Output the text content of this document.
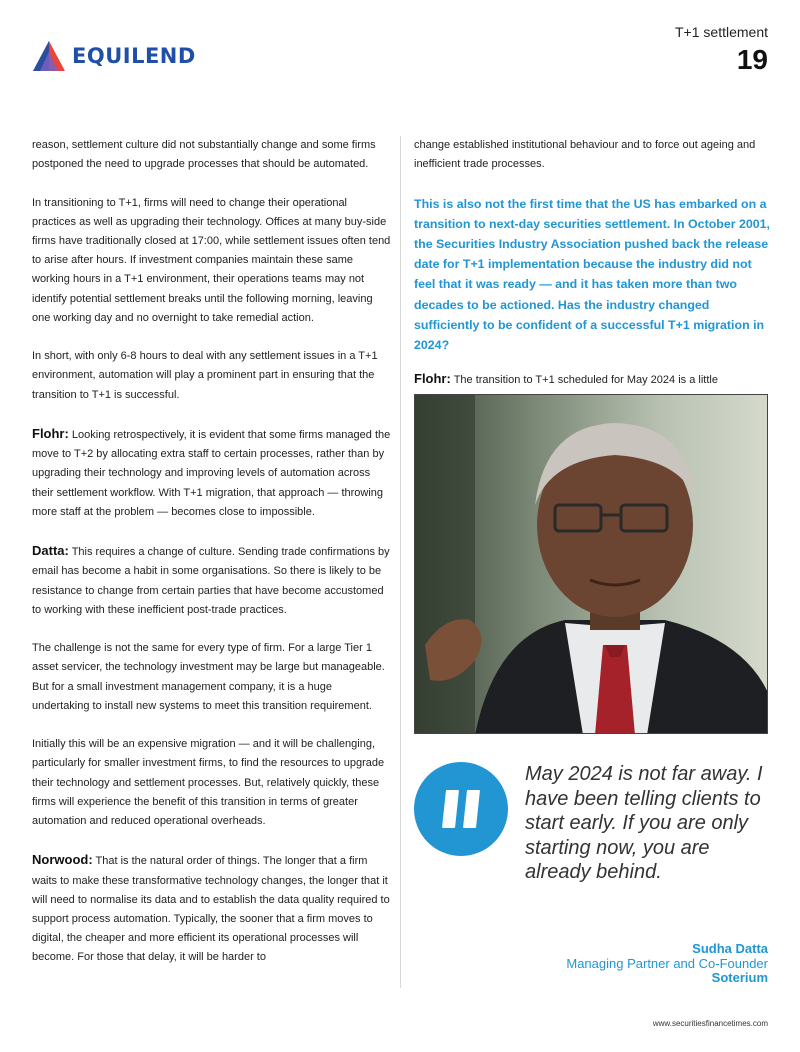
EQUILEND
T+1 settlement
19

reason, settlement culture did not substantially change and some firms postponed the need to upgrade processes that should be automated.

In transitioning to T+1, firms will need to change their operational practices as well as upgrading their technology. Offices at many buy-side firms have traditionally closed at 17:00, while settlement issues often tend to arise after hours. If investment companies maintain these same working hours in a T+1 environment, their operations teams may not identify potential settlement breaks until the following morning, leaving one working day and no overnight to take remedial action.

In short, with only 6-8 hours to deal with any settlement issues in a T+1 environment, automation will play a prominent part in ensuring that the transition to T+1 is successful.

Flohr: Looking retrospectively, it is evident that some firms managed the move to T+2 by allocating extra staff to certain processes, rather than by upgrading their technology and improving levels of automation across their settlement workflow. With T+1 migration, that approach — throwing more staff at the problem — becomes close to impossible.

Datta: This requires a change of culture. Sending trade confirmations by email has become a habit in some organisations. So there is likely to be resistance to change from certain parties that have become accustomed to working with these inefficient post-trade practices.

The challenge is not the same for every type of firm. For a large Tier 1 asset servicer, the technology investment may be large but manageable. But for a small investment management company, it is a huge undertaking to install new systems to meet this transition requirement.

Initially this will be an expensive migration — and it will be challenging, particularly for smaller investment firms, to find the resources to upgrade their technology and settlement processes. But, relatively quickly, these firms will experience the benefit of this transition in terms of greater automation and reduced operational overheads.

Norwood: That is the natural order of things. The longer that a firm waits to make these transformative technology changes, the longer that it will need to normalise its data and to establish the data quality required to support process automation. Typically, the sooner that a firm moves to digital, the cheaper and more efficient its operational processes will become. For those that delay, it will be harder to

change established institutional behaviour and to force out ageing and inefficient trade processes.

This is also not the first time that the US has embarked on a transition to next-day securities settlement. In October 2001, the Securities Industry Association pushed back the release date for T+1 implementation because the industry did not feel that it was ready — and it has taken more than two decades to be actioned. Has the industry changed sufficiently to be confident of a successful T+1 migration in 2024?

Flohr: The transition to T+1 scheduled for May 2024 is a little

May 2024 is not far away. I have been telling clients to start early. If you are only starting now, you are already behind.
Sudha Datta
Managing Partner and Co-Founder
Soterium
www.securitiesfinancetimes.com
